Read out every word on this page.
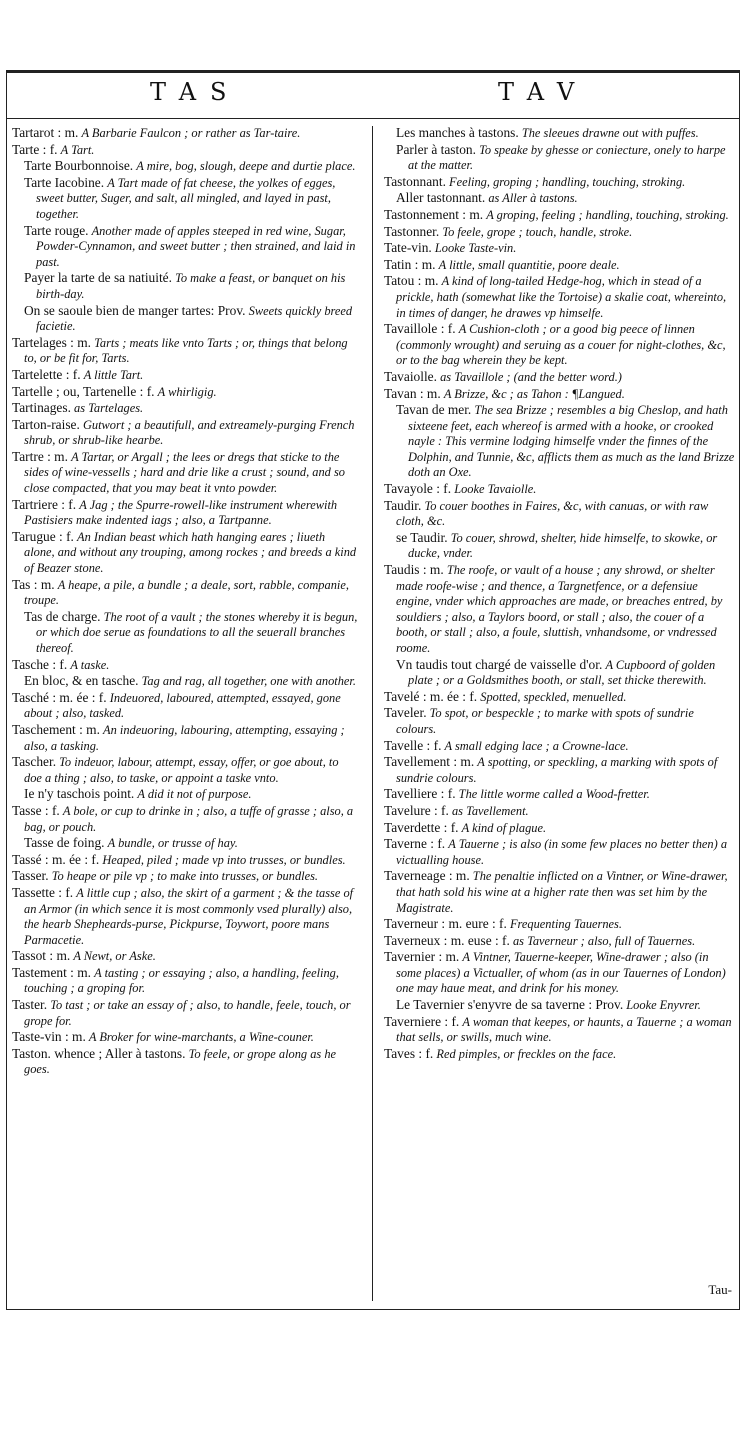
TAS	TAV

Tartarot : m. A Barbarie Faulcon ; or rather as Tar-taire.

Tarte : f. A Tart.

Tarte Bourbonnoise. A mire, bog, slough, deepe and durtie place.

Tarte Iacobine. A Tart made of fat cheese, the yolkes of egges, sweet butter, Suger, and salt, all mingled, and layed in past, together.

Tarte rouge. Another made of apples steeped in red wine, Sugar, Powder-Cynnamon, and sweet butter ; then strained, and laid in past.

Payer la tarte de sa natiuité. To make a feast, or banquet on his birth-day.

On se saoule bien de manger tartes: Prov. Sweets quickly breed facietie.

Tartelages : m. Tarts ; meats like vnto Tarts ; or, things that belong to, or be fit for, Tarts.

Tartelette : f. A little Tart.

Tartelle ; ou, Tartenelle : f. A whirligig.

Tartinages. as Tartelages.

Tarton-raise. Gutwort ; a beautifull, and extreamely-purging French shrub, or shrub-like hearbe.

Tartre : m. A Tartar, or Argall ; the lees or dregs that sticke to the sides of wine-vessells ; hard and drie like a crust ; sound, and so close compacted, that you may beat it vnto powder.

Tartriere : f. A Jag ; the Spurre-rowell-like instrument wherewith Pastisiers make indented iags ; also, a Tartpanne.

Tarugue : f. An Indian beast which hath hanging eares ; liueth alone, and without any trouping, among rockes ; and breeds a kind of Beazer stone.

Tas : m. A heape, a pile, a bundle ; a deale, sort, rabble, companie, troupe.

Tas de charge. The root of a vault ; the stones whereby it is begun, or which doe serue as foundations to all the seuerall branches thereof.

Tasche : f. A taske.

En bloc, & en tasche. Tag and rag, all together, one with another.

Tasché : m. ée : f. Indeuored, laboured, attempted, essayed, gone about ; also, tasked.

Taschement : m. An indeuoring, labouring, attempting, essaying ; also, a tasking.

Tascher. To indeuor, labour, attempt, essay, offer, or goe about, to doe a thing ; also, to taske, or appoint a taske vnto.

Ie n'y taschois point. A did it not of purpose.

Tasse : f. A bole, or cup to drinke in ; also, a tuffe of grasse ; also, a bag, or pouch.

Tasse de foing. A bundle, or trusse of hay.

Tassé : m. ée : f. Heaped, piled ; made vp into trusses, or bundles.

Tasser. To heape or pile vp ; to make into trusses, or bundles.

Tassette : f. A little cup ; also, the skirt of a garment ; & the tasse of an Armor (in which sence it is most commonly vsed plurally) also, the hearb Shepheards-purse, Pickpurse, Toywort, poore mans Parmacetie.

Tassot : m. A Newt, or Aske.

Tastement : m. A tasting ; or essaying ; also, a handling, feeling, touching ; a groping for.

Taster. To tast ; or take an essay of ; also, to handle, feele, touch, or grope for.

Taste-vin : m. A Broker for wine-marchants, a Wine-couner.

Taston. whence ; Aller à tastons. To feele, or grope along as he goes.

Les manches à tastons. The sleeues drawne out with puffes.

Parler à taston. To speake by ghesse or coniecture, onely to harpe at the matter.

Tastonnant. Feeling, groping ; handling, touching, stroking.

Aller tastonnant. as Aller à tastons.

Tastonnement : m. A groping, feeling ; handling, touching, stroking.

Tastonner. To feele, grope ; touch, handle, stroke.

Tate-vin. Looke Taste-vin.

Tatin : m. A little, small quantitie, poore deale.

Tatou : m. A kind of long-tailed Hedge-hog, which in stead of a prickle, hath (somewhat like the Tortoise) a skalie coat, whereinto, in times of danger, he drawes vp himselfe.

Tavaillole : f. A Cushion-cloth ; or a good big peece of linnen (commonly wrought) and seruing as a couer for night-clothes, &c, or to the bag wherein they be kept.

Tavaiolle. as Tavaillole ; (and the better word.)

Tavan : m. A Brizze, &c ; as Tahon : ¶Langued.

Tavan de mer. The sea Brizze ; resembles a big Cheslop, and hath sixteene feet, each whereof is armed with a hooke, or crooked nayle : This vermine lodging himselfe vnder the finnes of the Dolphin, and Tunnie, &c, afflicts them as much as the land Brizze doth an Oxe.

Tavayole : f. Looke Tavaiolle.

Taudir. To couer boothes in Faires, &c, with canuas, or with raw cloth, &c.

se Taudir. To couer, shrowd, shelter, hide himselfe, to skowke, or ducke, vnder.

Taudis : m. The roofe, or vault of a house ; any shrowd, or shelter made roofe-wise ; and thence, a Targnetfence, or a defensiue engine, vnder which approaches are made, or breaches entred, by souldiers ; also, a Taylors boord, or stall ; also, the couer of a booth, or stall ; also, a foule, sluttish, vnhandsome, or vndressed roome.

Vn taudis tout chargé de vaisselle d'or. A Cupboord of golden plate ; or a Goldsmithes booth, or stall, set thicke therewith.

Tavelé : m. ée : f. Spotted, speckled, menuelled.

Taveler. To spot, or bespeckle ; to marke with spots of sundrie colours.

Tavelle : f. A small edging lace ; a Crowne-lace.

Tavellement : m. A spotting, or speckling, a marking with spots of sundrie colours.

Tavelliere : f. The little worme called a Wood-fretter.

Tavelure : f. as Tavellement.

Taverdette : f. A kind of plague.

Taverne : f. A Tauerne ; is also (in some few places no better then) a victualling house.

Taverneage : m. The penaltie inflicted on a Vintner, or Wine-drawer, that hath sold his wine at a higher rate then was set him by the Magistrate.

Taverneur : m. eure : f. Frequenting Tauernes.

Taverneux : m. euse : f. as Taverneur ; also, full of Tauernes.

Tavernier : m. A Vintner, Tauerne-keeper, Wine-drawer ; also (in some places) a Victualler, of whom (as in our Tauernes of London) one may haue meat, and drink for his money.

Le Tavernier s'enyvre de sa taverne : Prov. Looke Enyvrer.

Taverniere : f. A woman that keepes, or haunts, a Tauerne ; a woman that sells, or swills, much wine.

Taves : f. Red pimples, or freckles on the face.

Tau-
